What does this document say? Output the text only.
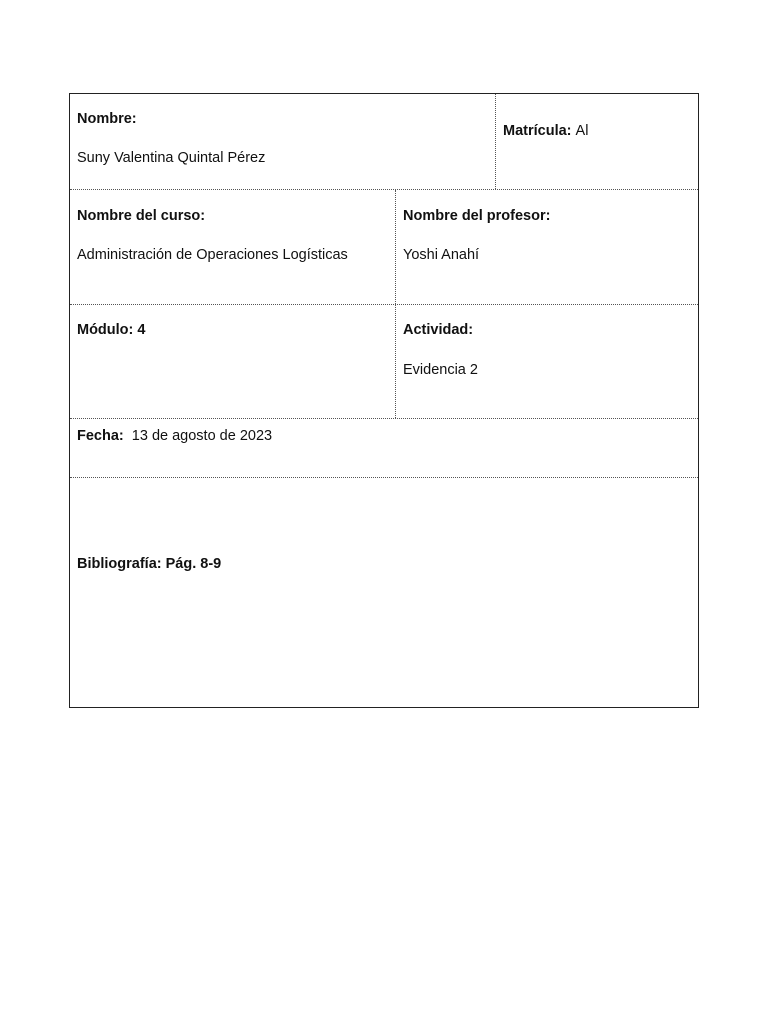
Nombre:
Suny Valentina Quintal Pérez
Matrícula: Al
Nombre del curso:
Administración de Operaciones Logísticas
Nombre del profesor:
Yoshi Anahí
Módulo: 4	Actividad:
Evidencia 2
Fecha: 13 de agosto de 2023
Bibliografía: Pág. 8-9
